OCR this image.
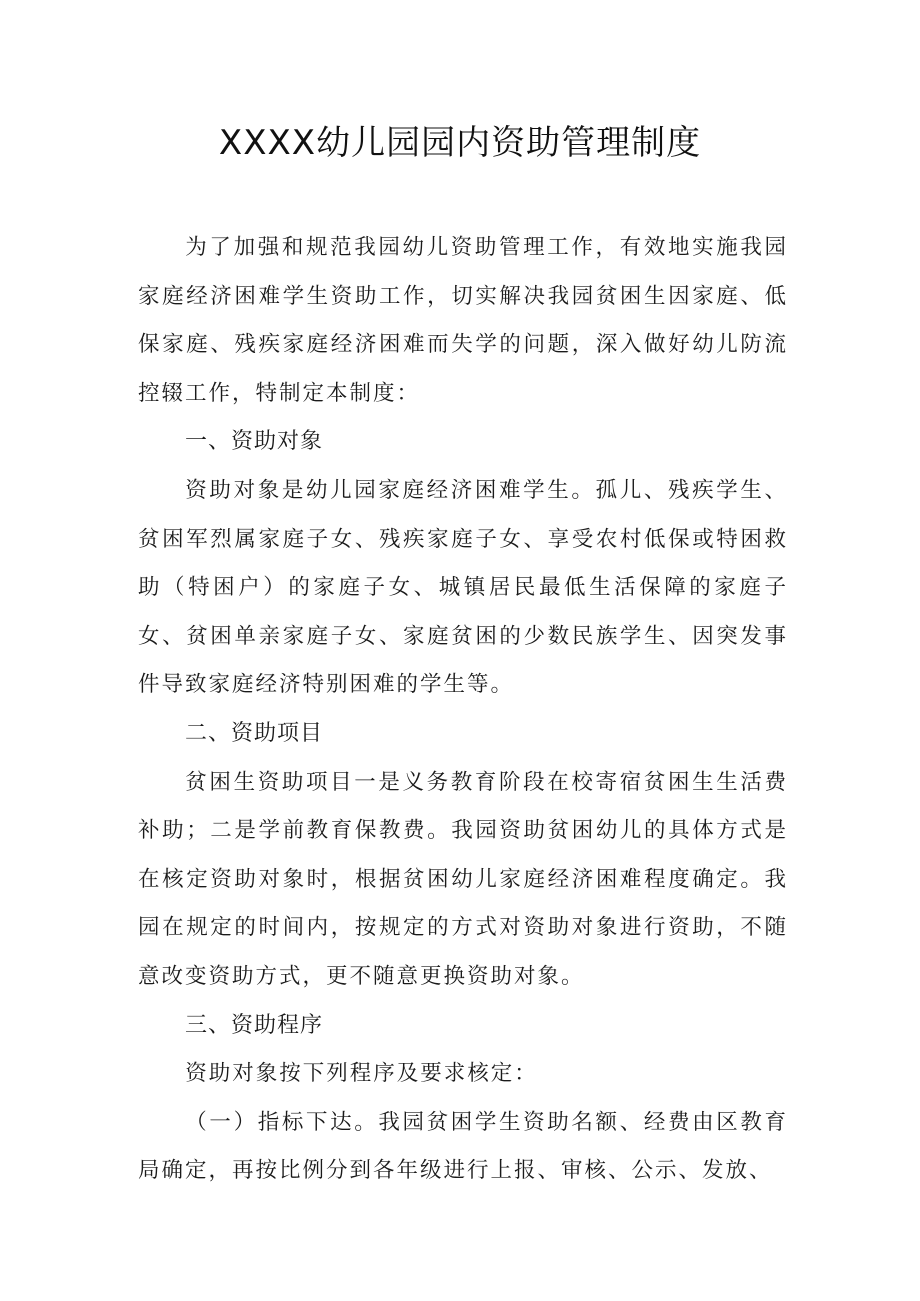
XXXX幼儿园园内资助管理制度

为了加强和规范我园幼儿资助管理工作，有效地实施我园家庭经济困难学生资助工作，切实解决我园贫困生因家庭、低保家庭、残疾家庭经济困难而失学的问题，深入做好幼儿防流控辍工作，特制定本制度：

一、资助对象

资助对象是幼儿园家庭经济困难学生。孤儿、残疾学生、贫困军烈属家庭子女、残疾家庭子女、享受农村低保或特困救助（特困户）的家庭子女、城镇居民最低生活保障的家庭子女、贫困单亲家庭子女、家庭贫困的少数民族学生、因突发事件导致家庭经济特别困难的学生等。

二、资助项目

贫困生资助项目一是义务教育阶段在校寄宿贫困生生活费补助；二是学前教育保教费。我园资助贫困幼儿的具体方式是在核定资助对象时，根据贫困幼儿家庭经济困难程度确定。我园在规定的时间内，按规定的方式对资助对象进行资助，不随意改变资助方式，更不随意更换资助对象。

三、资助程序

资助对象按下列程序及要求核定：

（一）指标下达。我园贫困学生资助名额、经费由区教育局确定，再按比例分到各年级进行上报、审核、公示、发放、
